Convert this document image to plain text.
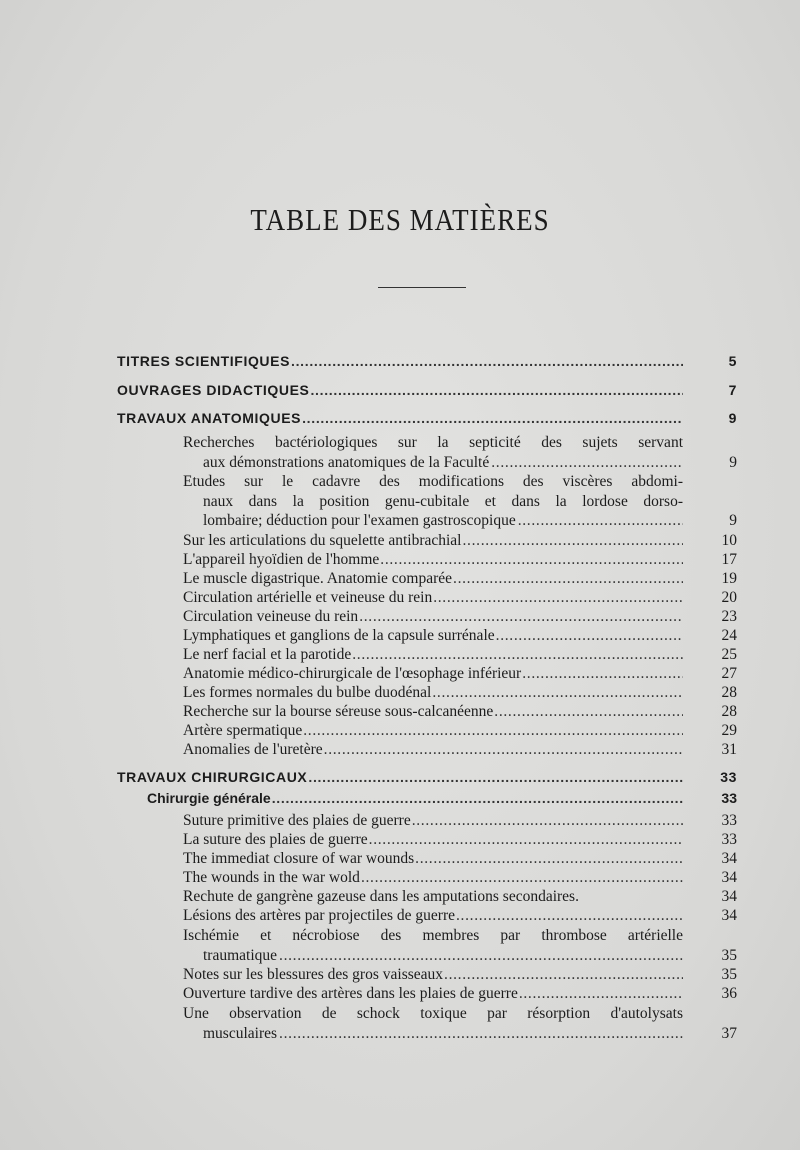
TABLE DES MATIÈRES
TITRES SCIENTIFIQUES . . .	5
OUVRAGES DIDACTIQUES . . .	7
TRAVAUX ANATOMIQUES . . .	9
Recherches bactériologiques sur la septicité des sujets servant
aux démonstrations anatomiques de la Faculté . . .	9
Etudes sur le cadavre des modifications des viscères abdomi-
naux dans la position genu-cubitale et dans la lordose dorso-
lombaire; déduction pour l'examen gastroscopique . . .	9
Sur les articulations du squelette antibrachial . . .	10
L'appareil hyoïdien de l'homme . . .	17
Le muscle digastrique. Anatomie comparée . . .	19
Circulation artérielle et veineuse du rein . . .	20
Circulation veineuse du rein . . .	23
Lymphatiques et ganglions de la capsule surrénale . . .	24
Le nerf facial et la parotide . . .	25
Anatomie médico-chirurgicale de l'œsophage inférieur . . .	27
Les formes normales du bulbe duodénal . . .	28
Recherche sur la bourse séreuse sous-calcanéenne . . .	28
Artère spermatique . . .	29
Anomalies de l'uretère . . .	31
TRAVAUX CHIRURGICAUX . . .	33
Chirurgie générale . . .	33
Suture primitive des plaies de guerre . . .	33
La suture des plaies de guerre . . .	33
The immediat closure of war wounds . . .	34
The wounds in the war wold . . .	34
Rechute de gangrène gazeuse dans les amputations secondaires.	34
Lésions des artères par projectiles de guerre . . .	34
Ischémie et nécrobiose des membres par thrombose artérielle
traumatique . . .	35
Notes sur les blessures des gros vaisseaux . . .	35
Ouverture tardive des artères dans les plaies de guerre . . .	36
Une observation de schock toxique par résorption d'autolysats
musculaires . . .	37
